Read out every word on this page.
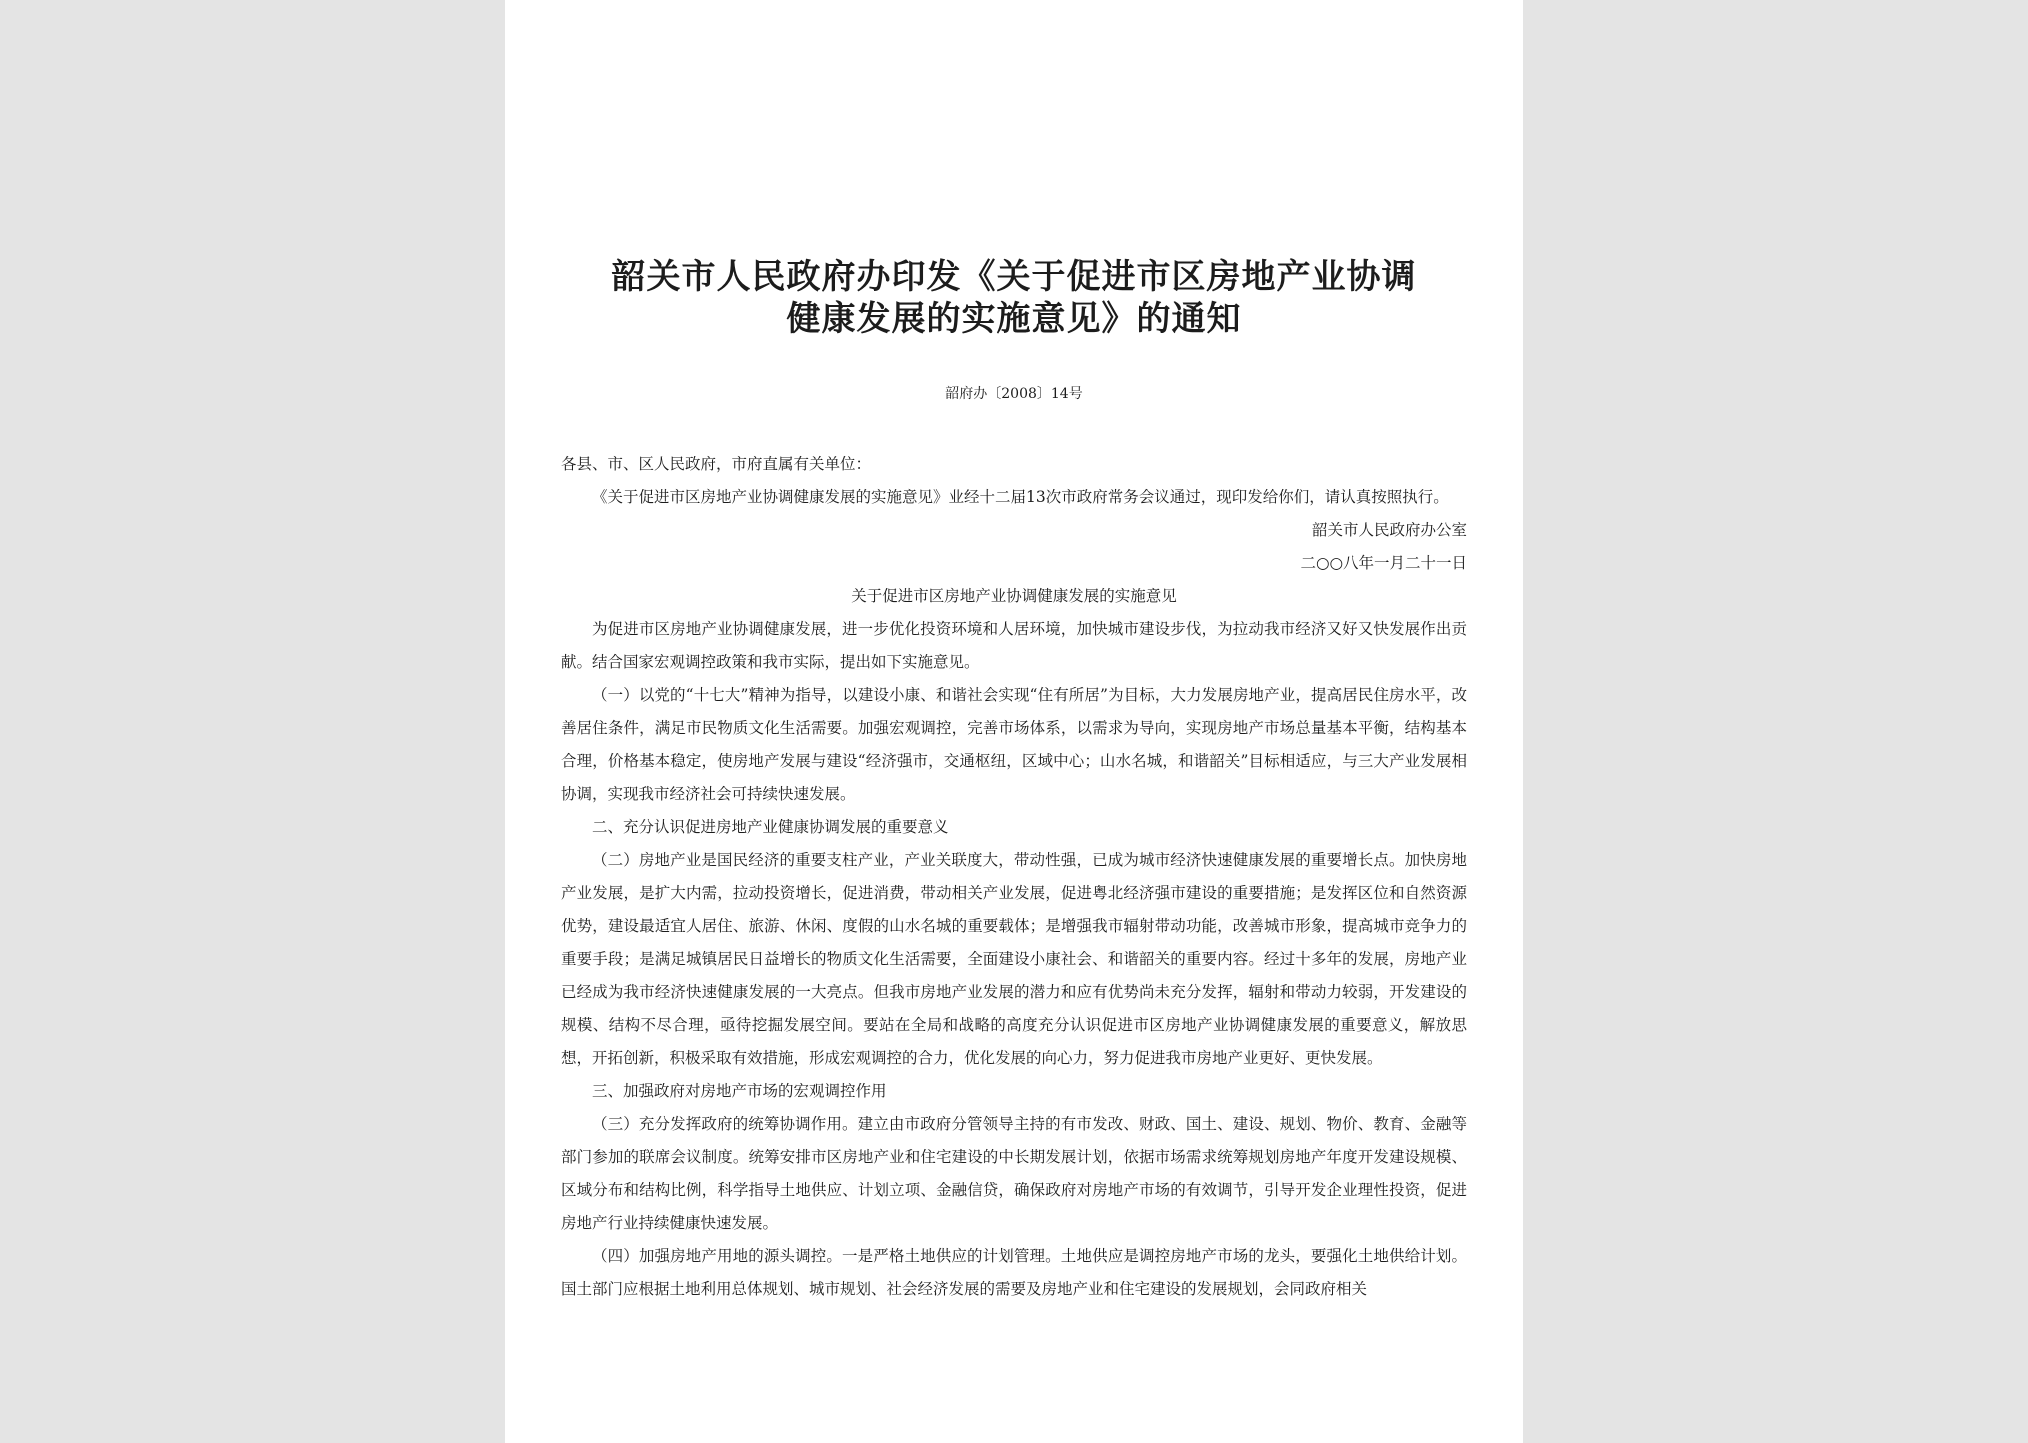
韶关市人民政府办印发《关于促进市区房地产业协调
健康发展的实施意见》的通知

韶府办〔2008〕14号

各县、市、区人民政府，市府直属有关单位：

《关于促进市区房地产业协调健康发展的实施意见》业经十二届13次市政府常务会议通过，现印发给你们，请认真按照执行。

韶关市人民政府办公室

二○○八年一月二十一日

关于促进市区房地产业协调健康发展的实施意见

为促进市区房地产业协调健康发展，进一步优化投资环境和人居环境，加快城市建设步伐，为拉动我市经济又好又快发展作出贡献。结合国家宏观调控政策和我市实际，提出如下实施意见。

（一）以党的“十七大”精神为指导，以建设小康、和谐社会实现“住有所居”为目标，大力发展房地产业，提高居民住房水平，改善居住条件，满足市民物质文化生活需要。加强宏观调控，完善市场体系，以需求为导向，实现房地产市场总量基本平衡，结构基本合理，价格基本稳定，使房地产发展与建设“经济强市，交通枢纽，区域中心；山水名城，和谐韶关”目标相适应，与三大产业发展相协调，实现我市经济社会可持续快速发展。

二、充分认识促进房地产业健康协调发展的重要意义

（二）房地产业是国民经济的重要支柱产业，产业关联度大，带动性强，已成为城市经济快速健康发展的重要增长点。加快房地产业发展，是扩大内需，拉动投资增长，促进消费，带动相关产业发展，促进粤北经济强市建设的重要措施；是发挥区位和自然资源优势，建设最适宜人居住、旅游、休闲、度假的山水名城的重要载体；是增强我市辐射带动功能，改善城市形象，提高城市竞争力的重要手段；是满足城镇居民日益增长的物质文化生活需要，全面建设小康社会、和谐韶关的重要内容。经过十多年的发展，房地产业已经成为我市经济快速健康发展的一大亮点。但我市房地产业发展的潜力和应有优势尚未充分发挥，辐射和带动力较弱，开发建设的规模、结构不尽合理，亟待挖掘发展空间。要站在全局和战略的高度充分认识促进市区房地产业协调健康发展的重要意义，解放思想，开拓创新，积极采取有效措施，形成宏观调控的合力，优化发展的向心力，努力促进我市房地产业更好、更快发展。

三、加强政府对房地产市场的宏观调控作用

（三）充分发挥政府的统筹协调作用。建立由市政府分管领导主持的有市发改、财政、国土、建设、规划、物价、教育、金融等部门参加的联席会议制度。统筹安排市区房地产业和住宅建设的中长期发展计划，依据市场需求统筹规划房地产年度开发建设规模、区域分布和结构比例，科学指导土地供应、计划立项、金融信贷，确保政府对房地产市场的有效调节，引导开发企业理性投资，促进房地产行业持续健康快速发展。

（四）加强房地产用地的源头调控。一是严格土地供应的计划管理。土地供应是调控房地产市场的龙头，要强化土地供给计划。国土部门应根据土地利用总体规划、城市规划、社会经济发展的需要及房地产业和住宅建设的发展规划，会同政府相关
